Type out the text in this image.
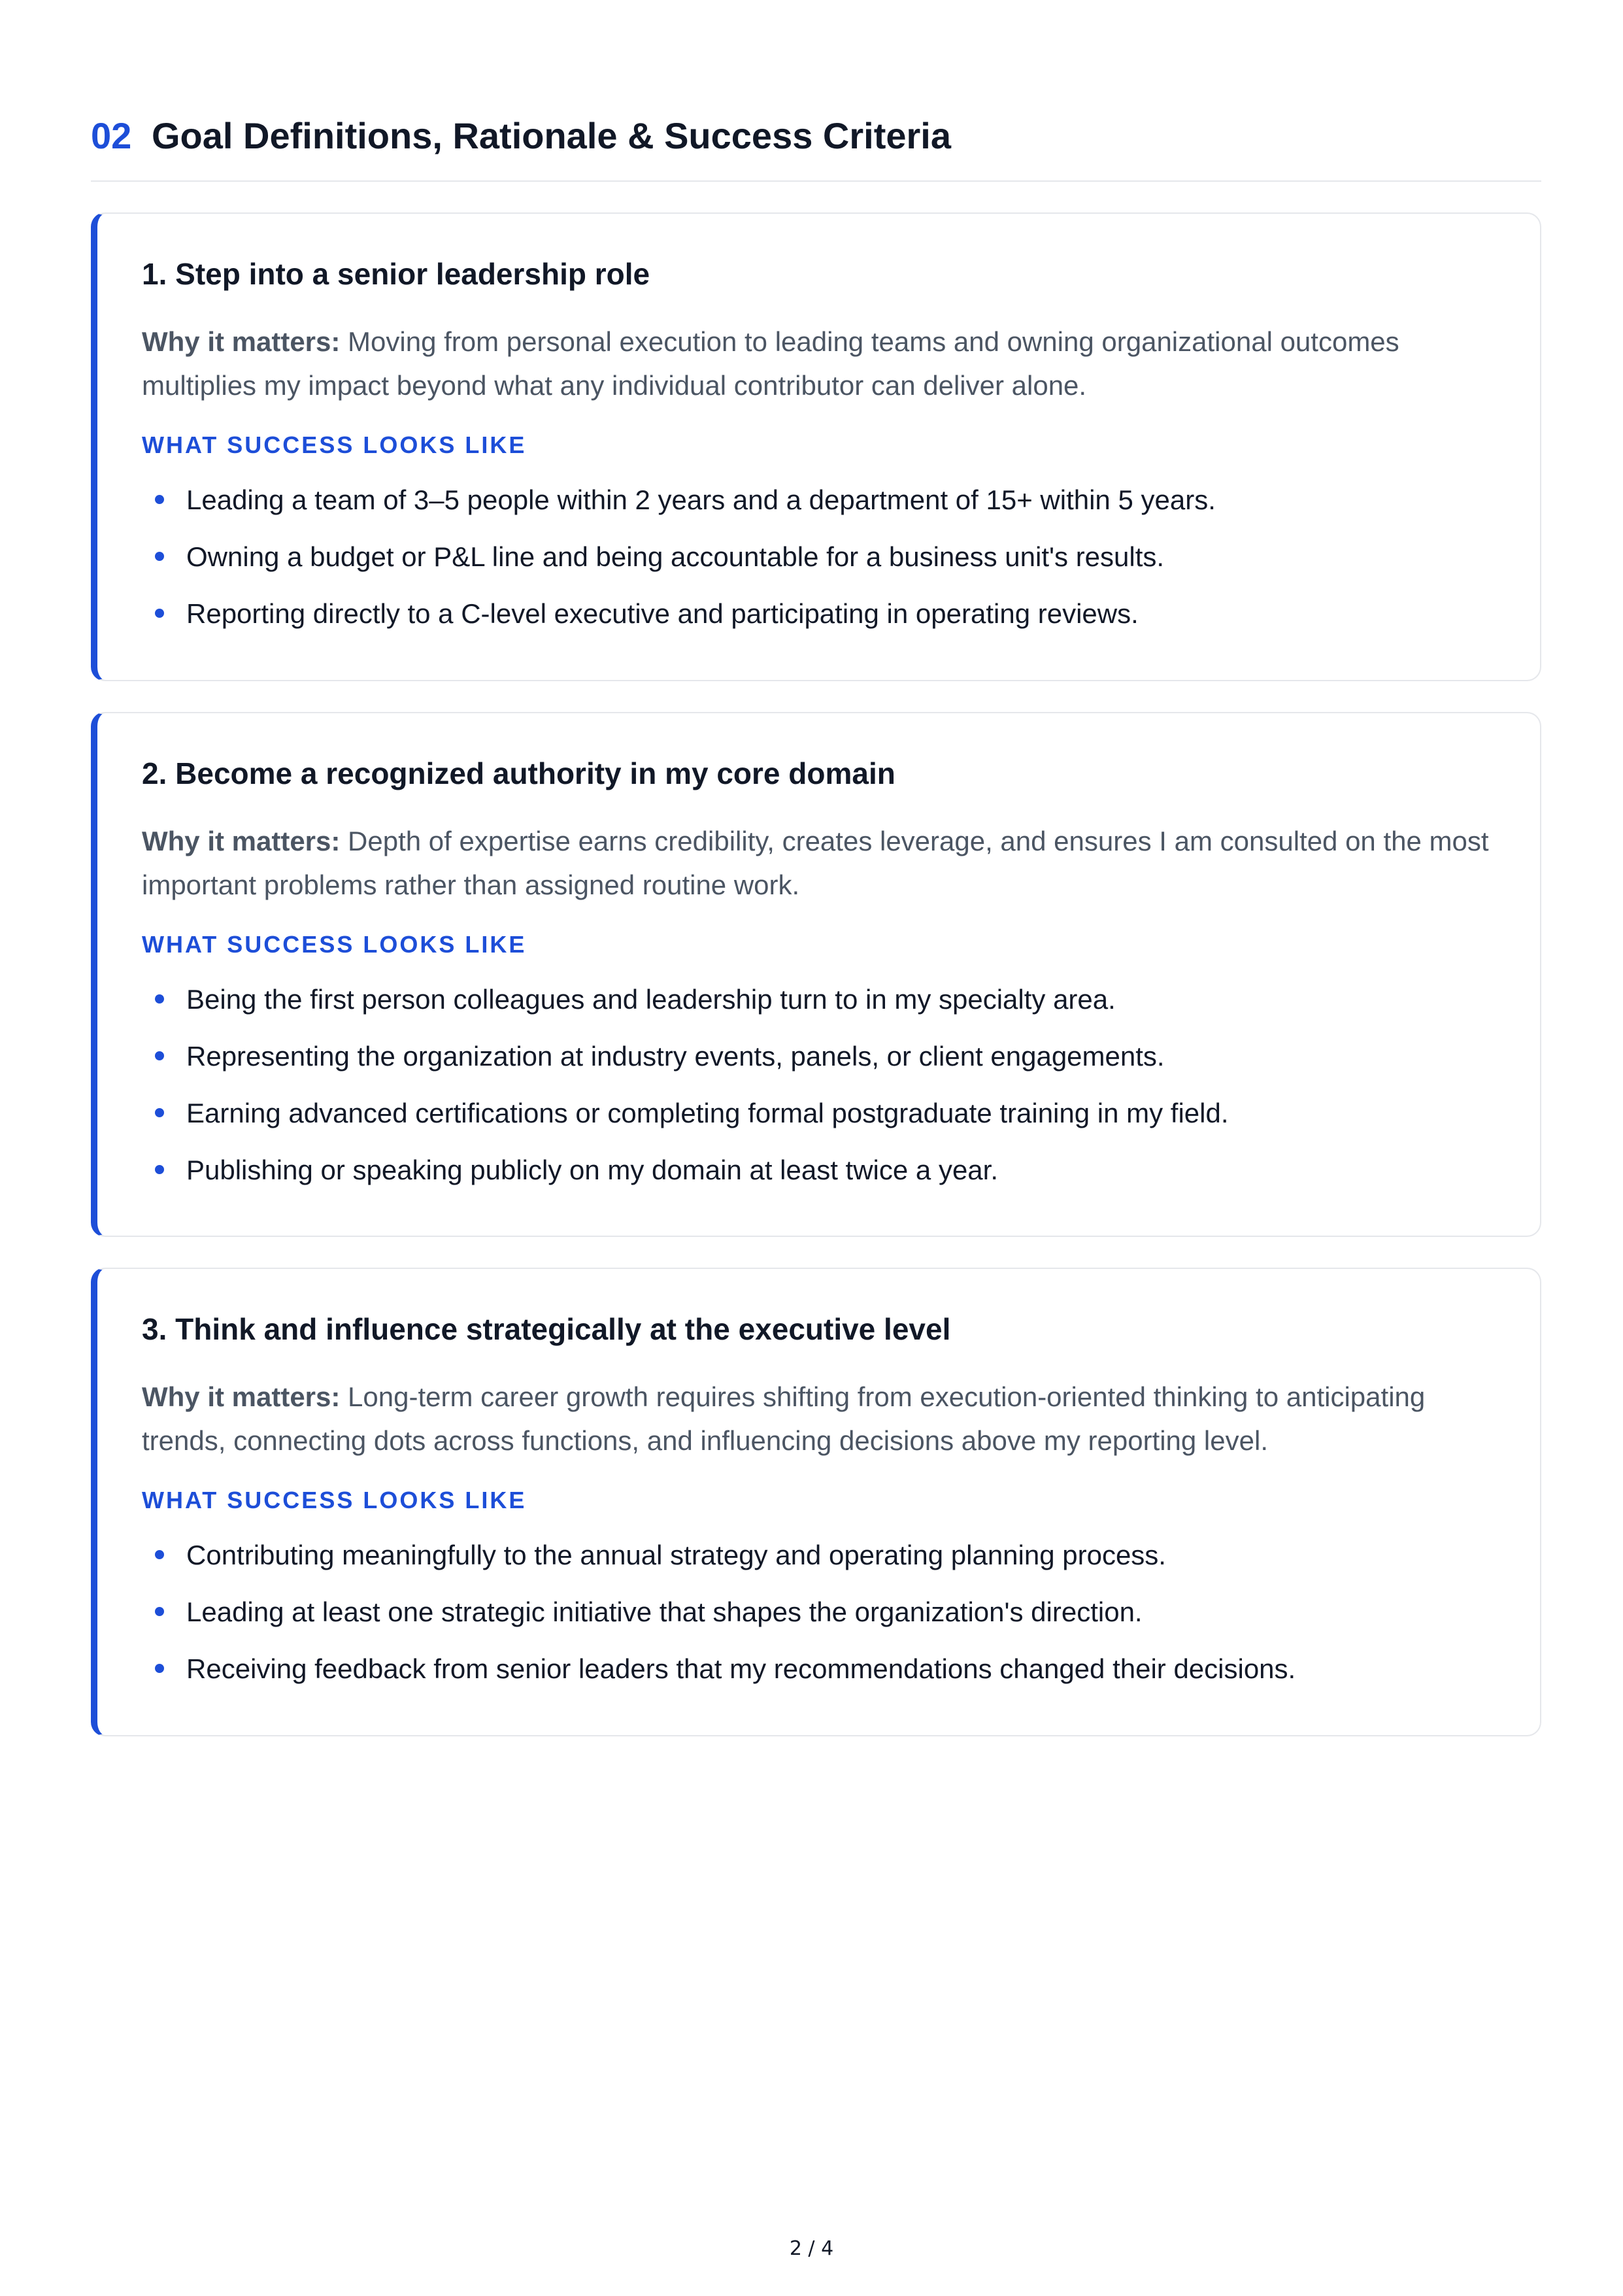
02 Goal Definitions, Rationale & Success Criteria
1. Step into a senior leadership role
Why it matters: Moving from personal execution to leading teams and owning organizational outcomes multiplies my impact beyond what any individual contributor can deliver alone.
WHAT SUCCESS LOOKS LIKE
Leading a team of 3–5 people within 2 years and a department of 15+ within 5 years.
Owning a budget or P&L line and being accountable for a business unit's results.
Reporting directly to a C-level executive and participating in operating reviews.
2. Become a recognized authority in my core domain
Why it matters: Depth of expertise earns credibility, creates leverage, and ensures I am consulted on the most important problems rather than assigned routine work.
WHAT SUCCESS LOOKS LIKE
Being the first person colleagues and leadership turn to in my specialty area.
Representing the organization at industry events, panels, or client engagements.
Earning advanced certifications or completing formal postgraduate training in my field.
Publishing or speaking publicly on my domain at least twice a year.
3. Think and influence strategically at the executive level
Why it matters: Long-term career growth requires shifting from execution-oriented thinking to anticipating trends, connecting dots across functions, and influencing decisions above my reporting level.
WHAT SUCCESS LOOKS LIKE
Contributing meaningfully to the annual strategy and operating planning process.
Leading at least one strategic initiative that shapes the organization's direction.
Receiving feedback from senior leaders that my recommendations changed their decisions.
2 / 4
